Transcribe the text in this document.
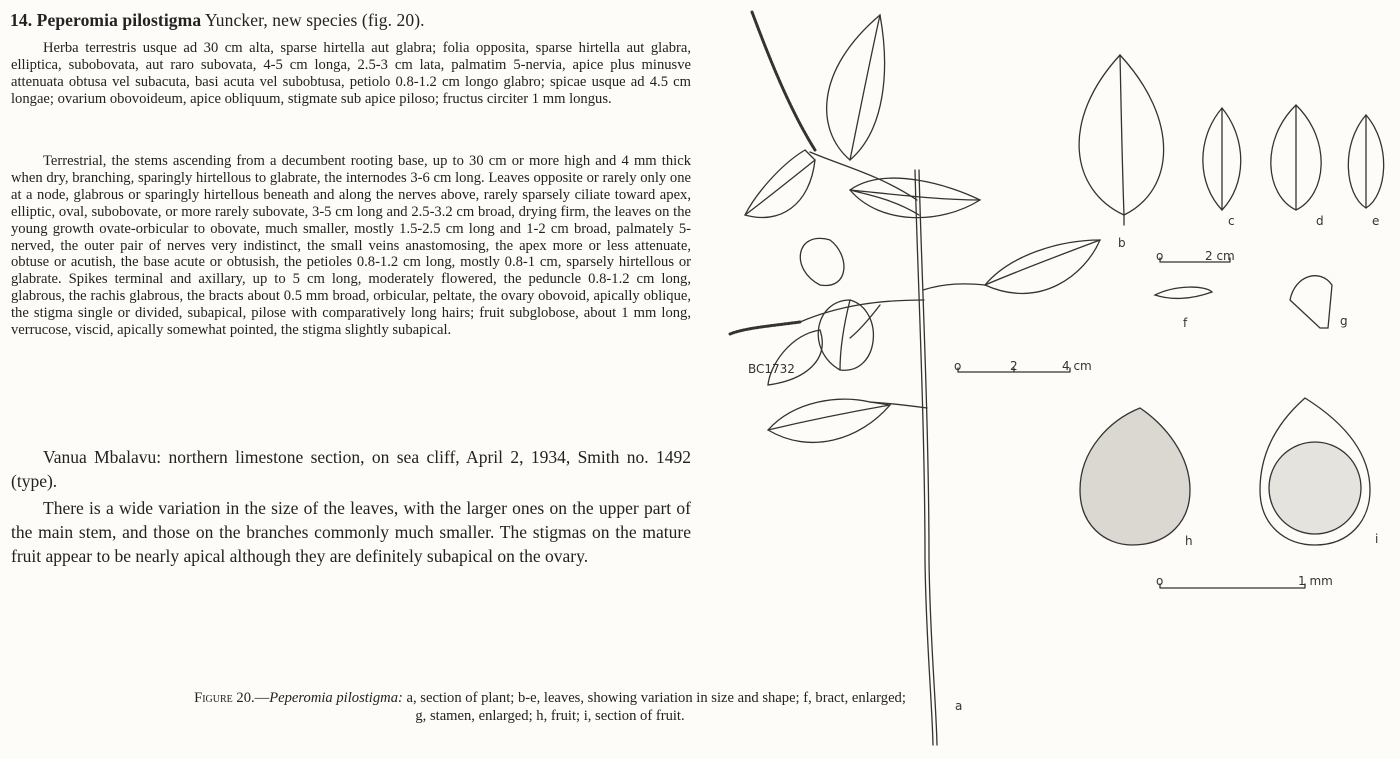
14. Peperomia pilostigma Yuncker, new species (fig. 20).

Herba terrestris usque ad 30 cm alta, sparse hirtella aut glabra; folia opposita, sparse hirtella aut glabra, elliptica, subobovata, aut raro subovata, 4-5 cm longa, 2.5-3 cm lata, palmatim 5-nervia, apice plus minusve attenuata obtusa vel subacuta, basi acuta vel subobtusa, petiolo 0.8-1.2 cm longo glabro; spicae usque ad 4.5 cm longae; ovarium obovoideum, apice obliquum, stigmate sub apice piloso; fructus circiter 1 mm longus.

Terrestrial, the stems ascending from a decumbent rooting base, up to 30 cm or more high and 4 mm thick when dry, branching, sparingly hirtellous to glabrate, the internodes 3-6 cm long. Leaves opposite or rarely only one at a node, glabrous or sparingly hirtellous beneath and along the nerves above, rarely sparsely ciliate toward apex, elliptic, oval, subobovate, or more rarely subovate, 3-5 cm long and 2.5-3.2 cm broad, drying firm, the leaves on the young growth ovate-orbicular to obovate, much smaller, mostly 1.5-2.5 cm long and 1-2 cm broad, palmately 5-nerved, the outer pair of nerves very indistinct, the small veins anastomosing, the apex more or less attenuate, obtuse or acutish, the base acute or obtusish, the petioles 0.8-1.2 cm long, mostly 0.8-1 cm, sparsely hirtellous or glabrate. Spikes terminal and axillary, up to 5 cm long, moderately flowered, the peduncle 0.8-1.2 cm long, glabrous, the rachis glabrous, the bracts about 0.5 mm broad, orbicular, peltate, the ovary obovoid, apically oblique, the stigma single or divided, subapical, pilose with comparatively long hairs; fruit subglobose, about 1 mm long, verrucose, viscid, apically somewhat pointed, the stigma slightly subapical.

Vanua Mbalavu: northern limestone section, on sea cliff, April 2, 1934, Smith no. 1492 (type).

There is a wide variation in the size of the leaves, with the larger ones on the upper part of the main stem, and those on the branches commonly much smaller. The stigmas on the mature fruit appear to be nearly apical although they are definitely subapical on the ovary.

Figure 20.—Peperomia pilostigma: a, section of plant; b-e, leaves, showing variation in size and shape; f, bract, enlarged; g, stamen, enlarged; h, fruit; i, section of fruit.
a
b
c	d	e
f	g
h	i
o	2	4 cm
o	2 cm
o	1 mm
BC1732
